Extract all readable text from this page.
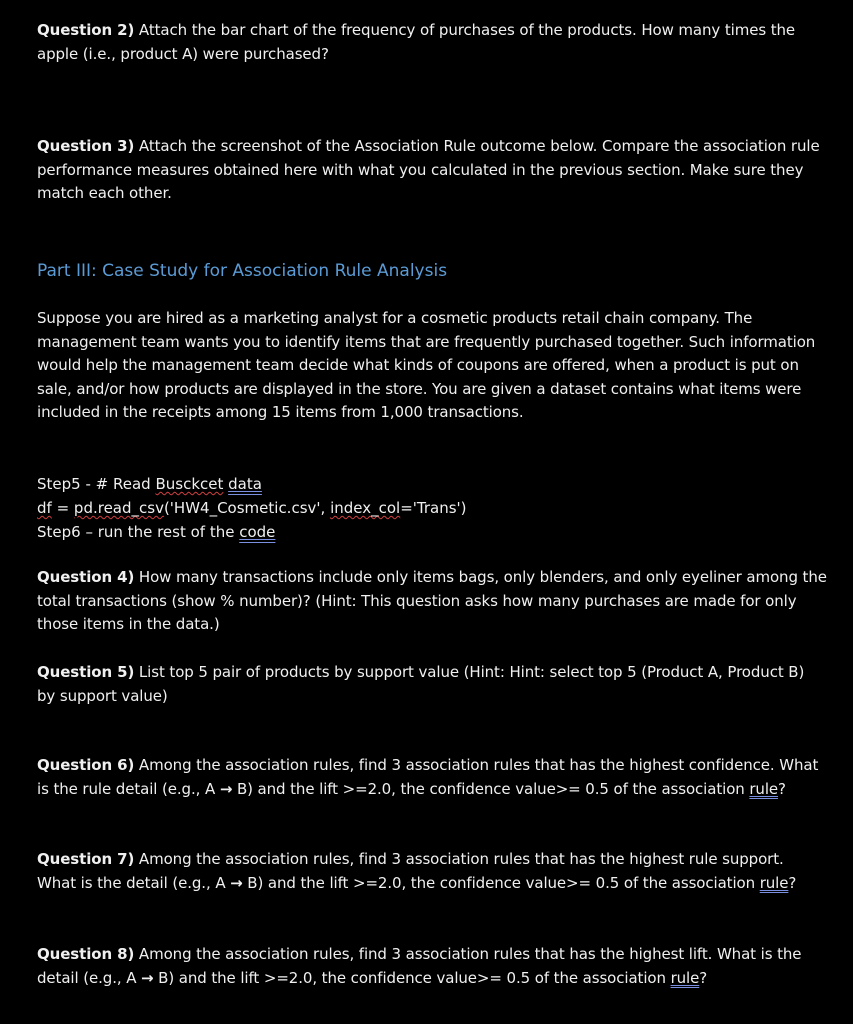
Question 2) Attach the bar chart of the frequency of purchases of the products. How many times the apple (i.e., product A) were purchased?

Question 3) Attach the screenshot of the Association Rule outcome below. Compare the association rule performance measures obtained here with what you calculated in the previous section. Make sure they match each other.

Part III: Case Study for Association Rule Analysis

Suppose you are hired as a marketing analyst for a cosmetic products retail chain company. The management team wants you to identify items that are frequently purchased together. Such information would help the management team decide what kinds of coupons are offered, when a product is put on sale, and/or how products are displayed in the store. You are given a dataset contains what items were included in the receipts among 15 items from 1,000 transactions.

Step5 - # Read Busckcet data
df = pd.read_csv('HW4_Cosmetic.csv', index_col='Trans')
Step6 – run the rest of the code

Question 4) How many transactions include only items bags, only blenders, and only eyeliner among the total transactions (show % number)? (Hint: This question asks how many purchases are made for only those items in the data.)

Question 5) List top 5 pair of products by support value (Hint: Hint: select top 5 (Product A, Product B) by support value)

Question 6) Among the association rules, find 3 association rules that has the highest confidence. What is the rule detail (e.g., A → B) and the lift >=2.0, the confidence value>= 0.5 of the association rule?

Question 7) Among the association rules, find 3 association rules that has the highest rule support. What is the detail (e.g., A → B) and the lift >=2.0, the confidence value>= 0.5 of the association rule?

Question 8) Among the association rules, find 3 association rules that has the highest lift. What is the detail (e.g., A → B) and the lift >=2.0, the confidence value>= 0.5 of the association rule?
